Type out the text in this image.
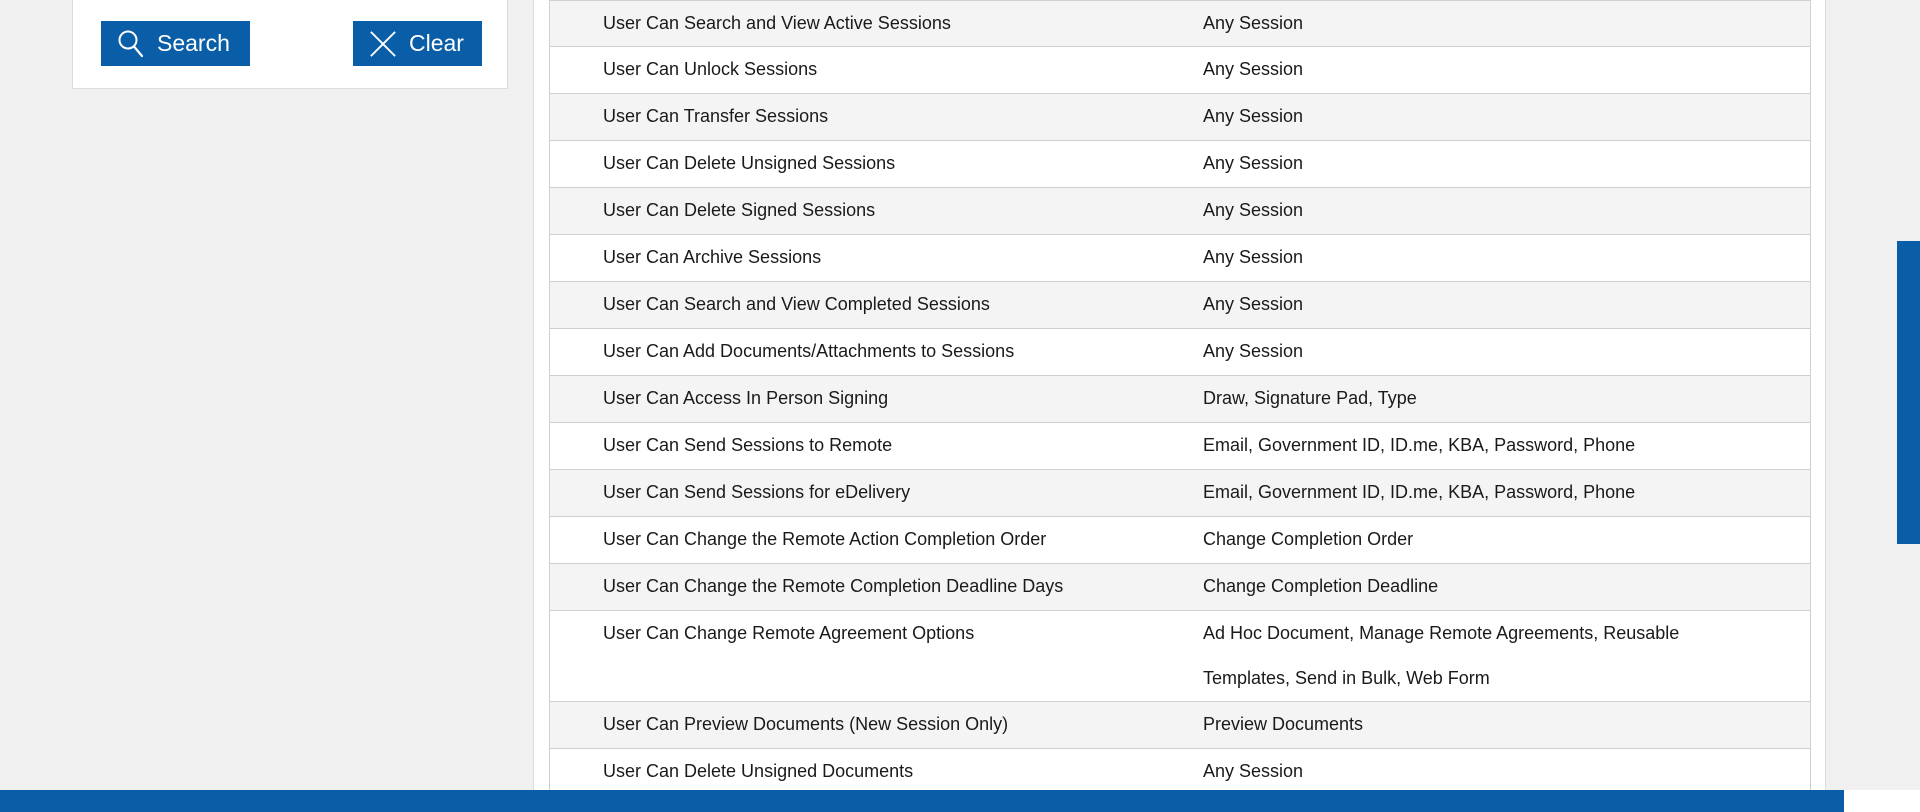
Search	Clear
User Can Search and View Active Sessions	Any Session
User Can Unlock Sessions	Any Session
User Can Transfer Sessions	Any Session
User Can Delete Unsigned Sessions	Any Session
User Can Delete Signed Sessions	Any Session
User Can Archive Sessions	Any Session
User Can Search and View Completed Sessions	Any Session
User Can Add Documents/Attachments to Sessions	Any Session
User Can Access In Person Signing	Draw, Signature Pad, Type
User Can Send Sessions to Remote	Email, Government ID, ID.me, KBA, Password, Phone
User Can Send Sessions for eDelivery	Email, Government ID, ID.me, KBA, Password, Phone
User Can Change the Remote Action Completion Order	Change Completion Order
User Can Change the Remote Completion Deadline Days	Change Completion Deadline
User Can Change Remote Agreement Options	Ad Hoc Document, Manage Remote Agreements, Reusable Templates, Send in Bulk, Web Form
User Can Preview Documents (New Session Only)	Preview Documents
User Can Delete Unsigned Documents	Any Session
